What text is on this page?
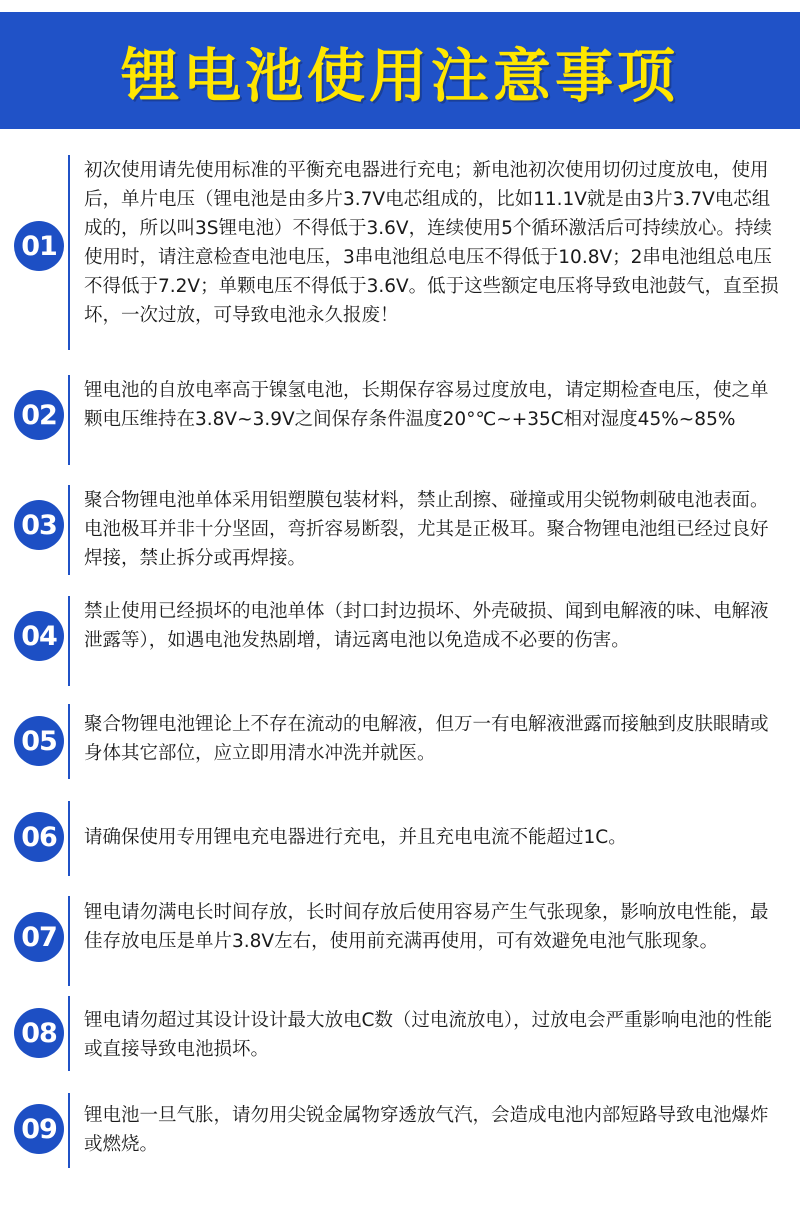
锂电池使用注意事项
01

初次使用请先使用标准的平衡充电器进行充电；新电池初次使用切仞过度放电，使用后，单片电压（锂电池是由多片3.7V电芯组成的，比如11.1V就是由3片3.7V电芯组成的，所以叫3S锂电池）不得低于3.6V，连续使用5个循环激活后可持续放心。持续使用时，请注意检查电池电压，3串电池组总电压不得低于10.8V；2串电池组总电压不得低于7.2V；单颗电压不得低于3.6V。低于这些额定电压将导致电池鼓气，直至损坏，一次过放，可导致电池永久报废！

02

锂电池的自放电率高于镍氢电池，长期保存容易过度放电，请定期检查电压，使之单颗电压维持在3.8V~3.9V之间保存条件温度20°℃~+35C相对湿度45%~85%

03

聚合物锂电池单体采用铝塑膜包装材料，禁止刮擦、碰撞或用尖锐物刺破电池表面。电池极耳并非十分坚固，弯折容易断裂，尤其是正极耳。聚合物锂电池组已经过良好焊接，禁止拆分或再焊接。

04

禁止使用已经损坏的电池单体（封口封边损坏、外壳破损、闻到电解液的味、电解液泄露等），如遇电池发热剧增，请远离电池以免造成不必要的伤害。

05

聚合物锂电池锂论上不存在流动的电解液，但万一有电解液泄露而接触到皮肤眼睛或身体其它部位，应立即用清水冲洗并就医。

06	请确保使用专用锂电充电器进行充电，并且充电电流不能超过1C。

07

锂电请勿满电长时间存放，长时间存放后使用容易产生气张现象，影响放电性能，最佳存放电压是单片3.8V左右，使用前充满再使用，可有效避免电池气胀现象。

08	锂电请勿超过其设计设计最大放电C数（过电流放电），过放电会严重影响电池的性能或直接导致电池损坏。

09	锂电池一旦气胀，请勿用尖锐金属物穿透放气汽，会造成电池内部短路导致电池爆炸或燃烧。
